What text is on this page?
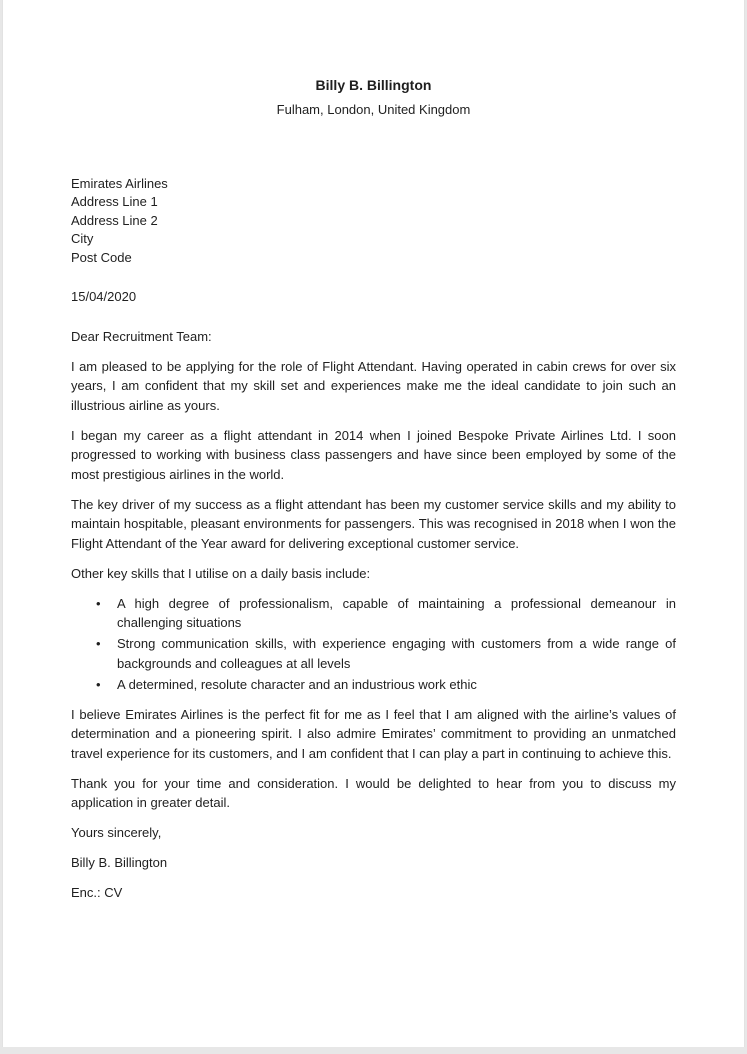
Billy B. Billington
Fulham, London, United Kingdom
Emirates Airlines
Address Line 1
Address Line 2
City
Post Code
15/04/2020
Dear Recruitment Team:

I am pleased to be applying for the role of Flight Attendant. Having operated in cabin crews for over six years, I am confident that my skill set and experiences make me the ideal candidate to join such an illustrious airline as yours.

I began my career as a flight attendant in 2014 when I joined Bespoke Private Airlines Ltd. I soon progressed to working with business class passengers and have since been employed by some of the most prestigious airlines in the world.

The key driver of my success as a flight attendant has been my customer service skills and my ability to maintain hospitable, pleasant environments for passengers. This was recognised in 2018 when I won the Flight Attendant of the Year award for delivering exceptional customer service.

Other key skills that I utilise on a daily basis include:

• A high degree of professionalism, capable of maintaining a professional demeanour in challenging situations
• Strong communication skills, with experience engaging with customers from a wide range of backgrounds and colleagues at all levels
• A determined, resolute character and an industrious work ethic

I believe Emirates Airlines is the perfect fit for me as I feel that I am aligned with the airline’s values of determination and a pioneering spirit. I also admire Emirates’ commitment to providing an unmatched travel experience for its customers, and I am confident that I can play a part in continuing to achieve this.

Thank you for your time and consideration. I would be delighted to hear from you to discuss my application in greater detail.

Yours sincerely,

Billy B. Billington

Enc.: CV
